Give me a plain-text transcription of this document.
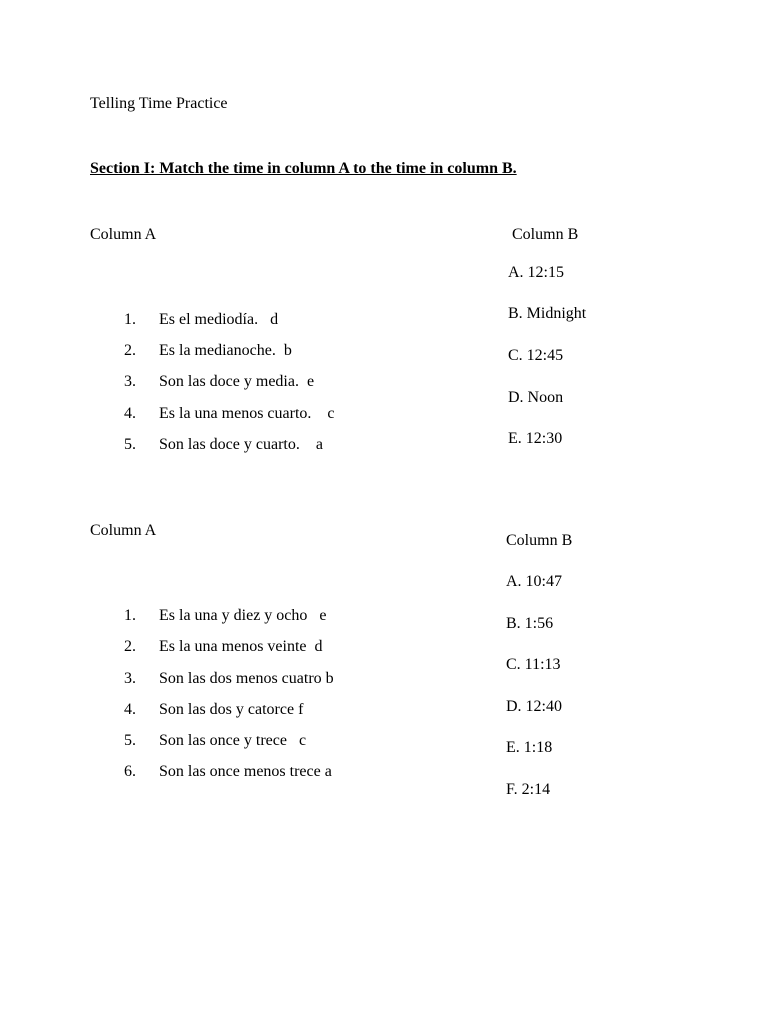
Telling Time Practice
Section I: Match the time in column A to the time in column B.
Column A

1. Es el mediodía.   d

2. Es la medianoche.  b

3. Son las doce y media.  e

4. Es la una menos cuarto.    c

5. Son las doce y cuarto.    a

Column B
A. 12:15
B. Midnight
C. 12:45
D. Noon
E. 12:30
Column A

1. Es la una y diez y ocho   e

2. Es la una menos veinte  d

3. Son las dos menos cuatro b

4. Son las dos y catorce f

5. Son las once y trece   c

6. Son las once menos trece a

Column B
A. 10:47
B. 1:56
C. 11:13
D. 12:40
E. 1:18
F. 2:14
